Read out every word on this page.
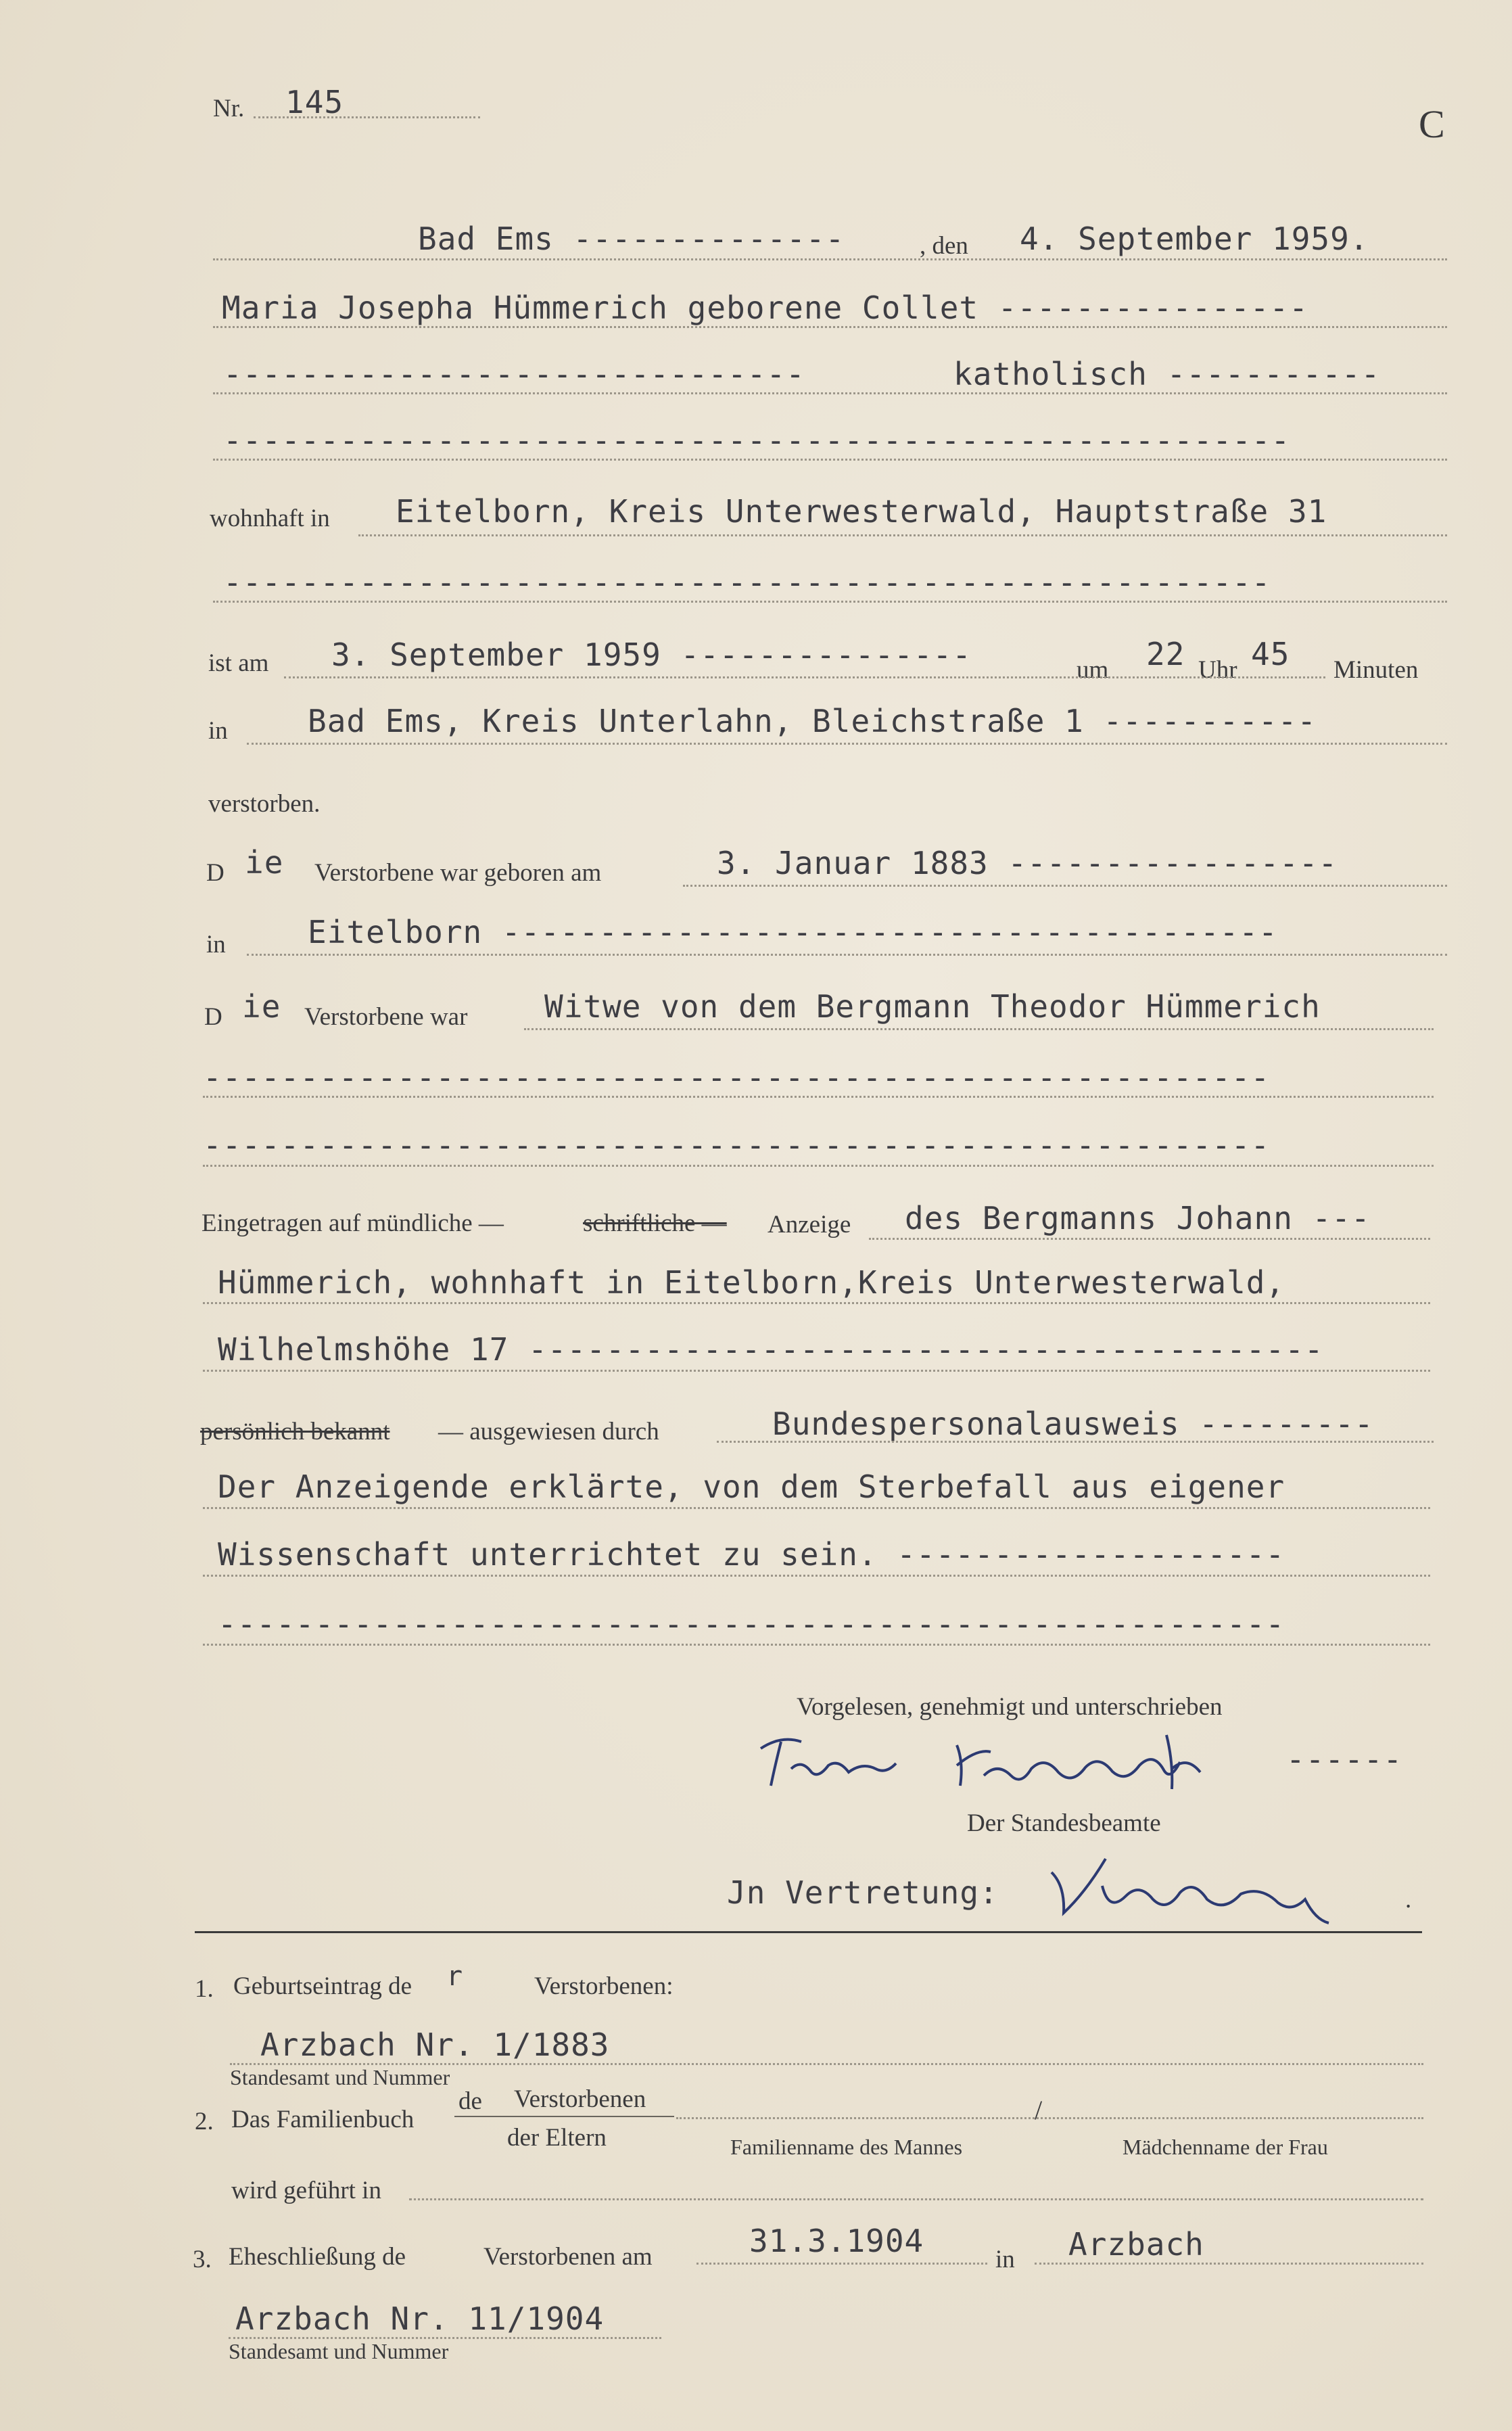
Nr. 145	C
Bad Ems --------------	, den 4. September 1959.
Maria Josepha Hümmerich geborene Collet ----------------
------------------------------	katholisch -----------
-------------------------------------------------------
wohnhaft in Eitelborn, Kreis Unterwesterwald, Hauptstraße 31
------------------------------------------------------
ist am 3. September 1959 ---------------	um 22 Uhr 45 Minuten
in	Bad Ems, Kreis Unterlahn, Bleichstraße 1 -----------
verstorben.
D ie Verstorbene war geboren am	3. Januar 1883 -----------------
in	Eitelborn ----------------------------------------
D ie Verstorbene war Witwe von dem Bergmann Theodor Hümmerich
-------------------------------------------------------
-------------------------------------------------------
Eingetragen auf mündliche —	schriftliche — Anzeige des Bergmanns Johann ---
Hümmerich, wohnhaft in Eitelborn,Kreis Unterwesterwald,
Wilhelmshöhe 17 -----------------------------------------
persönlich bekannt — ausgewiesen durch	Bundespersonalausweis ---------
Der Anzeigende erklärte, von dem Sterbefall aus eigener
Wissenschaft unterrichtet zu sein. --------------------
-------------------------------------------------------
Vorgelesen, genehmigt und unterschrieben
------
Der Standesbeamte
Jn Vertretung:	.
1. Geburtseintrag de r	Verstorbenen:
Arzbach Nr. 1/1883
Standesamt und Nummer
2. Das Familienbuch
de Verstorbenen
der Eltern
/
Familienname des Mannes	Mädchenname der Frau
wird geführt in
3. Eheschließung de	Verstorbenen am	31.3.1904
in Arzbach
Arzbach Nr. 11/1904
Standesamt und Nummer
